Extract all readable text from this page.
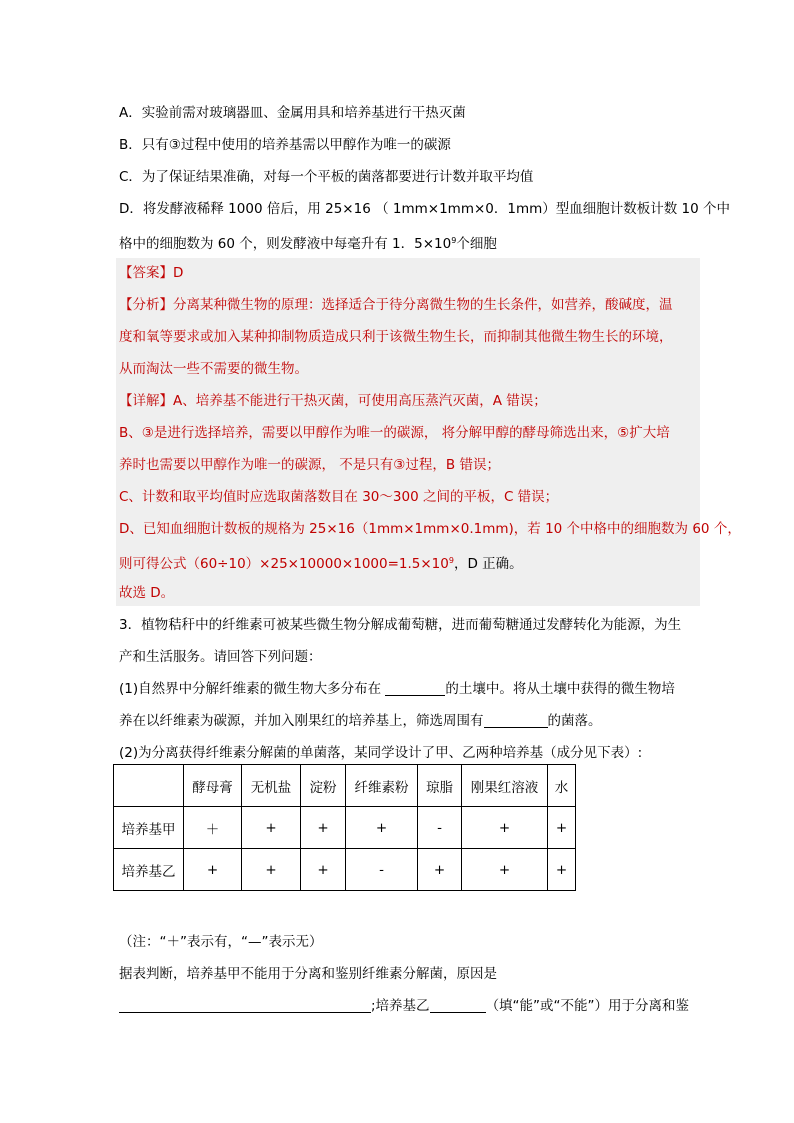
A．实验前需对玻璃器皿、金属用具和培养基进行干热灭菌
B．只有③过程中使用的培养基需以甲醇作为唯一的碳源
C．为了保证结果准确，对每一个平板的菌落都要进行计数并取平均值
D．将发酵液稀释 1000 倍后，用 25×16 （ 1mm×1mm×0．1mm）型血细胞计数板计数 10 个中
格中的细胞数为 60 个，则发酵液中每毫升有 1．$5\times 10^9$个细胞
【答案】D
【分析】分离某种微生物的原理：选择适合于待分离微生物的生长条件，如营养，酸碱度，温
度和氧等要求或加入某种抑制物质造成只利于该微生物生长，而抑制其他微生物生长的环境，
从而淘汰一些不需要的微生物。
【详解】A、培养基不能进行干热灭菌，可使用高压蒸汽灭菌，A 错误；
B、③是进行选择培养，需要以甲醇作为唯一的碳源， 将分解甲醇的酵母筛选出来，⑤扩大培
养时也需要以甲醇作为唯一的碳源， 不是只有③过程，B 错误；
C、计数和取平均值时应选取菌落数目在 30～300 之间的平板，C 错误；
D、已知血细胞计数板的规格为 25×16（1mm×1mm×0.1mm)，若 10 个中格中的细胞数为 60 个，
则可得公式$(60\div 10)\times 25\times 10000\times 1000=1.5\times 10^9$，D 正确。
故选 D。
3．植物秸秆中的纤维素可被某些微生物分解成葡萄糖，进而葡萄糖通过发酵转化为能源，为生
产和生活服务。请回答下列问题：
(1)自然界中分解纤维素的微生物大多分布在	的土壤中。将从土壤中获得的微生物培
养在以纤维素为碳源，并加入刚果红的培养基上，筛选周围有	的菌落。
(2)为分离获得纤维素分解菌的单菌落，某同学设计了甲、乙两种培养基（成分见下表）:
	酵母膏	无机盐	淀粉	纤维素粉	琼脂	刚果红溶液	水
培养基甲	＋	+	+	+	-	+	+
培养基乙	+	+	+	-	+	+	+
（注：“＋”表示有，“—”表示无）
据表判断，培养基甲不能用于分离和鉴别纤维素分解菌，原因是
;培养基乙	（填“能”或“不能”）用于分离和鉴
